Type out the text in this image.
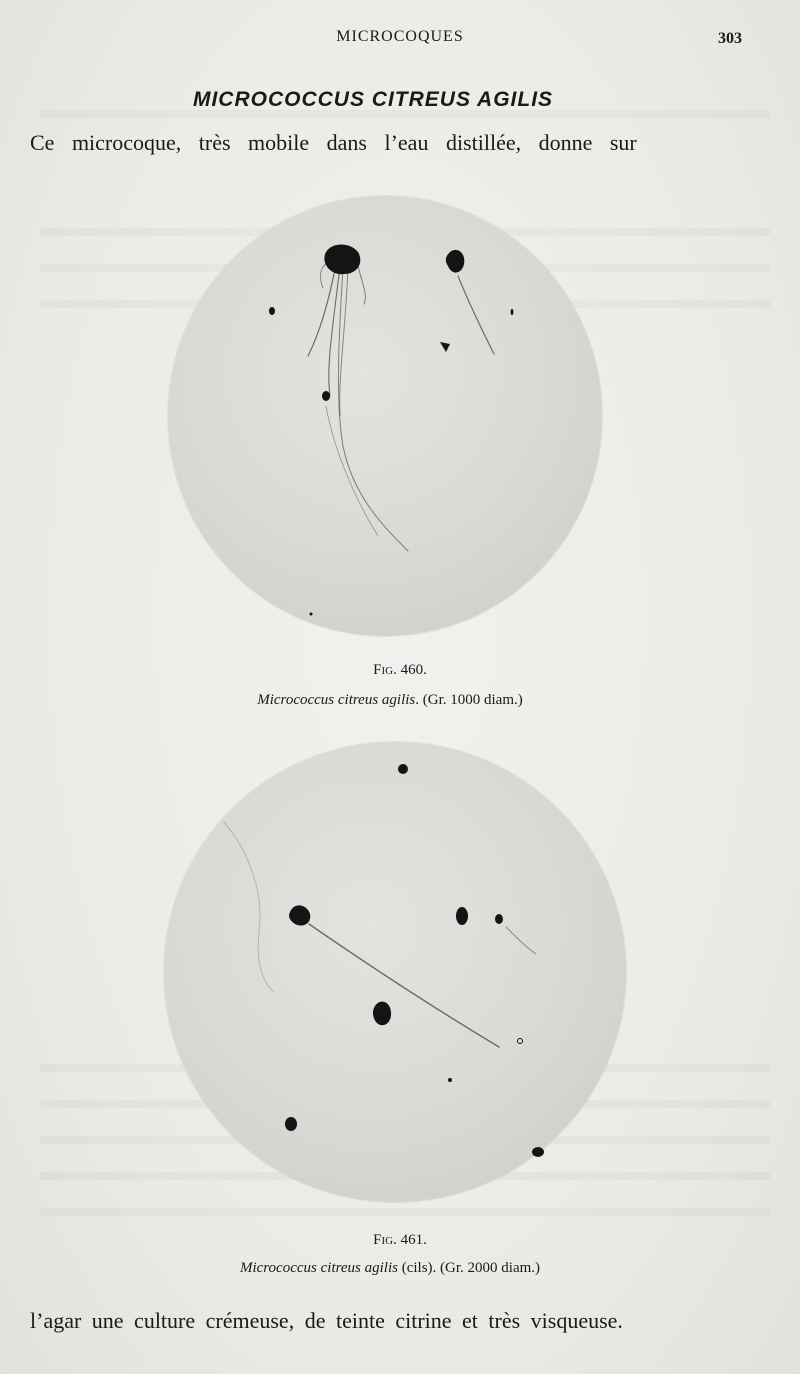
MICROCOQUES	303
MICROCOCCUS CITREUS AGILIS
Ce microcoque, très mobile dans l’eau distillée, donne sur
Fig. 460.
Micrococcus citreus agilis. (Gr. 1000 diam.)
Fig. 461.
Micrococcus citreus agilis (cils). (Gr. 2000 diam.)
l’agar une culture crémeuse, de teinte citrine et très visqueuse.
